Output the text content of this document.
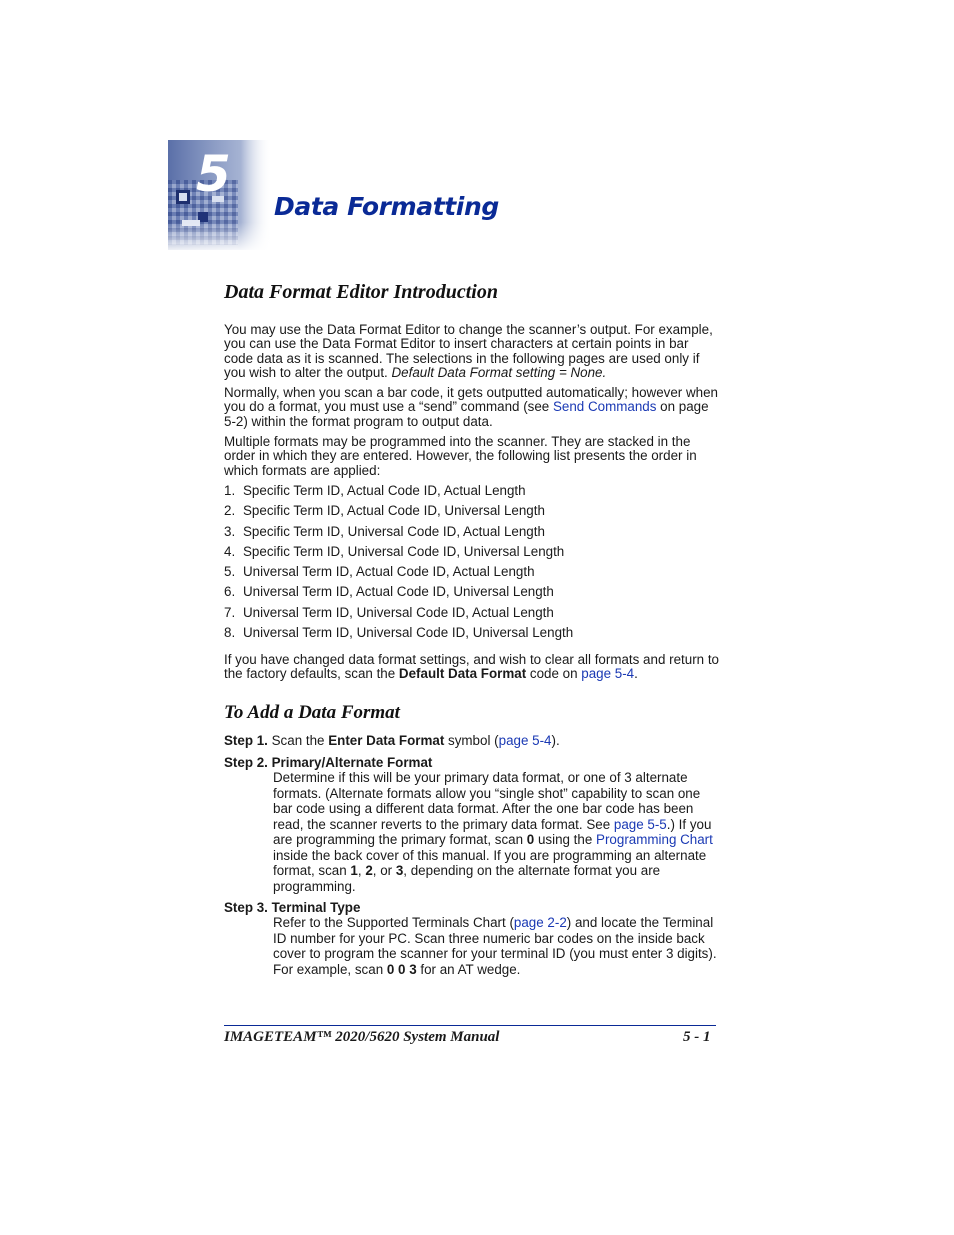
5
Data Formatting
Data Format Editor Introduction

You may use the Data Format Editor to change the scanner’s output. For example, you can use the Data Format Editor to insert characters at certain points in bar code data as it is scanned. The selections in the following pages are used only if you wish to alter the output. Default Data Format setting = None.

Normally, when you scan a bar code, it gets outputted automatically; however when you do a format, you must use a “send” command (see Send Commands on page 5-2) within the format program to output data.

Multiple formats may be programmed into the scanner. They are stacked in the order in which they are entered. However, the following list presents the order in which formats are applied:

1. Specific Term ID, Actual Code ID, Actual Length
2. Specific Term ID, Actual Code ID, Universal Length
3. Specific Term ID, Universal Code ID, Actual Length
4. Specific Term ID, Universal Code ID, Universal Length
5. Universal Term ID, Actual Code ID, Actual Length
6. Universal Term ID, Actual Code ID, Universal Length
7. Universal Term ID, Universal Code ID, Actual Length
8. Universal Term ID, Universal Code ID, Universal Length

If you have changed data format settings, and wish to clear all formats and return to the factory defaults, scan the Default Data Format code on page 5-4.

To Add a Data Format

Step 1. Scan the Enter Data Format symbol (page 5-4).

Step 2. Primary/Alternate Format

Determine if this will be your primary data format, or one of 3 alternate formats. (Alternate formats allow you “single shot” capability to scan one bar code using a different data format. After the one bar code has been read, the scanner reverts to the primary data format. See page 5-5.) If you are programming the primary format, scan 0 using the Programming Chart inside the back cover of this manual. If you are programming an alternate format, scan 1, 2, or 3, depending on the alternate format you are programming.

Step 3. Terminal Type

Refer to the Supported Terminals Chart (page 2-2) and locate the Terminal ID number for your PC. Scan three numeric bar codes on the inside back cover to program the scanner for your terminal ID (you must enter 3 digits). For example, scan 0 0 3 for an AT wedge.

IMAGETEAM™ 2020/5620 System Manual	5 - 1
